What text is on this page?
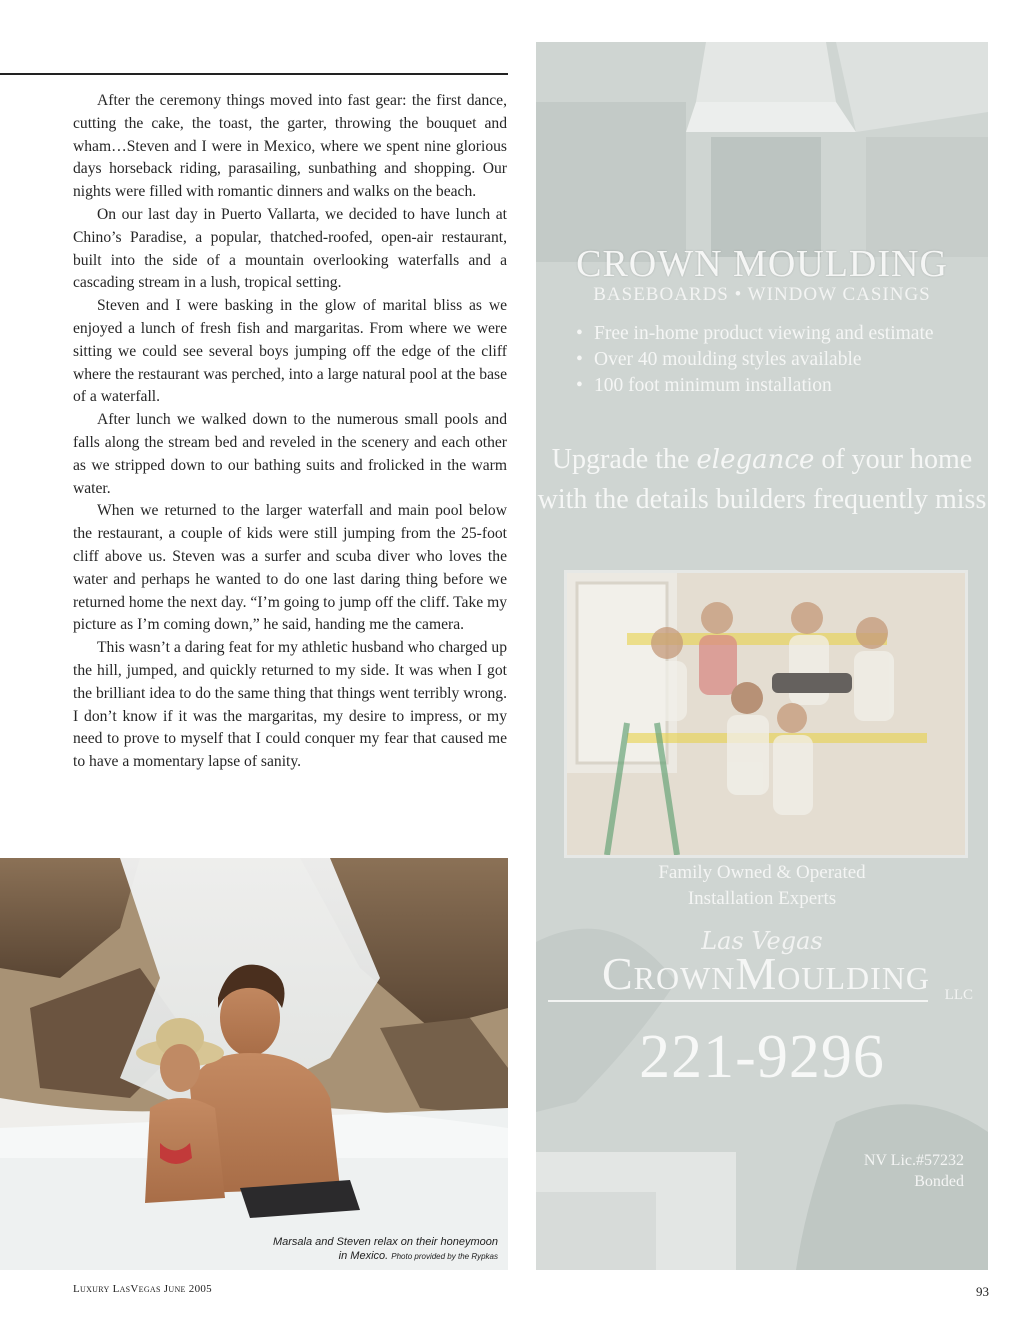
After the ceremony things moved into fast gear: the first dance, cutting the cake, the toast, the garter, throwing the bouquet and wham…Steven and I were in Mexico, where we spent nine glorious days horseback riding, parasailing, sunbathing and shopping. Our nights were filled with romantic dinners and walks on the beach.

On our last day in Puerto Vallarta, we decided to have lunch at Chino’s Paradise, a popular, thatched-roofed, open-air restaurant, built into the side of a mountain overlooking waterfalls and a cascading stream in a lush, tropical setting.

Steven and I were basking in the glow of marital bliss as we enjoyed a lunch of fresh fish and margaritas. From where we were sitting we could see several boys jumping off the edge of the cliff where the restaurant was perched, into a large natural pool at the base of a waterfall.

After lunch we walked down to the numerous small pools and falls along the stream bed and reveled in the scenery and each other as we stripped down to our bathing suits and frolicked in the warm water.

When we returned to the larger waterfall and main pool below the restaurant, a couple of kids were still jumping from the 25-foot cliff above us. Steven was a surfer and scuba diver who loves the water and perhaps he wanted to do one last daring thing before we returned home the next day. “I’m going to jump off the cliff. Take my picture as I’m coming down,” he said, handing me the camera.

This wasn’t a daring feat for my athletic husband who charged up the hill, jumped, and quickly returned to my side. It was when I got the brilliant idea to do the same thing that things went terribly wrong. I don’t know if it was the margaritas, my desire to impress, or my need to prove to myself that I could conquer my fear that caused me to have a momentary lapse of sanity.

Marsala and Steven relax on their honeymoon
in Mexico. Photo provided by the Rypkas
Luxury LasVegas June 2005	93
CROWN MOULDING
BASEBOARDS • WINDOW CASINGS
• Free in-home product viewing and estimate
• Over 40 moulding styles available
• 100 foot minimum installation
Upgrade the elegance of your home with the details builders frequently miss
Family Owned & Operated
Installation Experts
Las Vegas
CrownMoulding LLC
221-9296
NV Lic.#57232
Bonded
